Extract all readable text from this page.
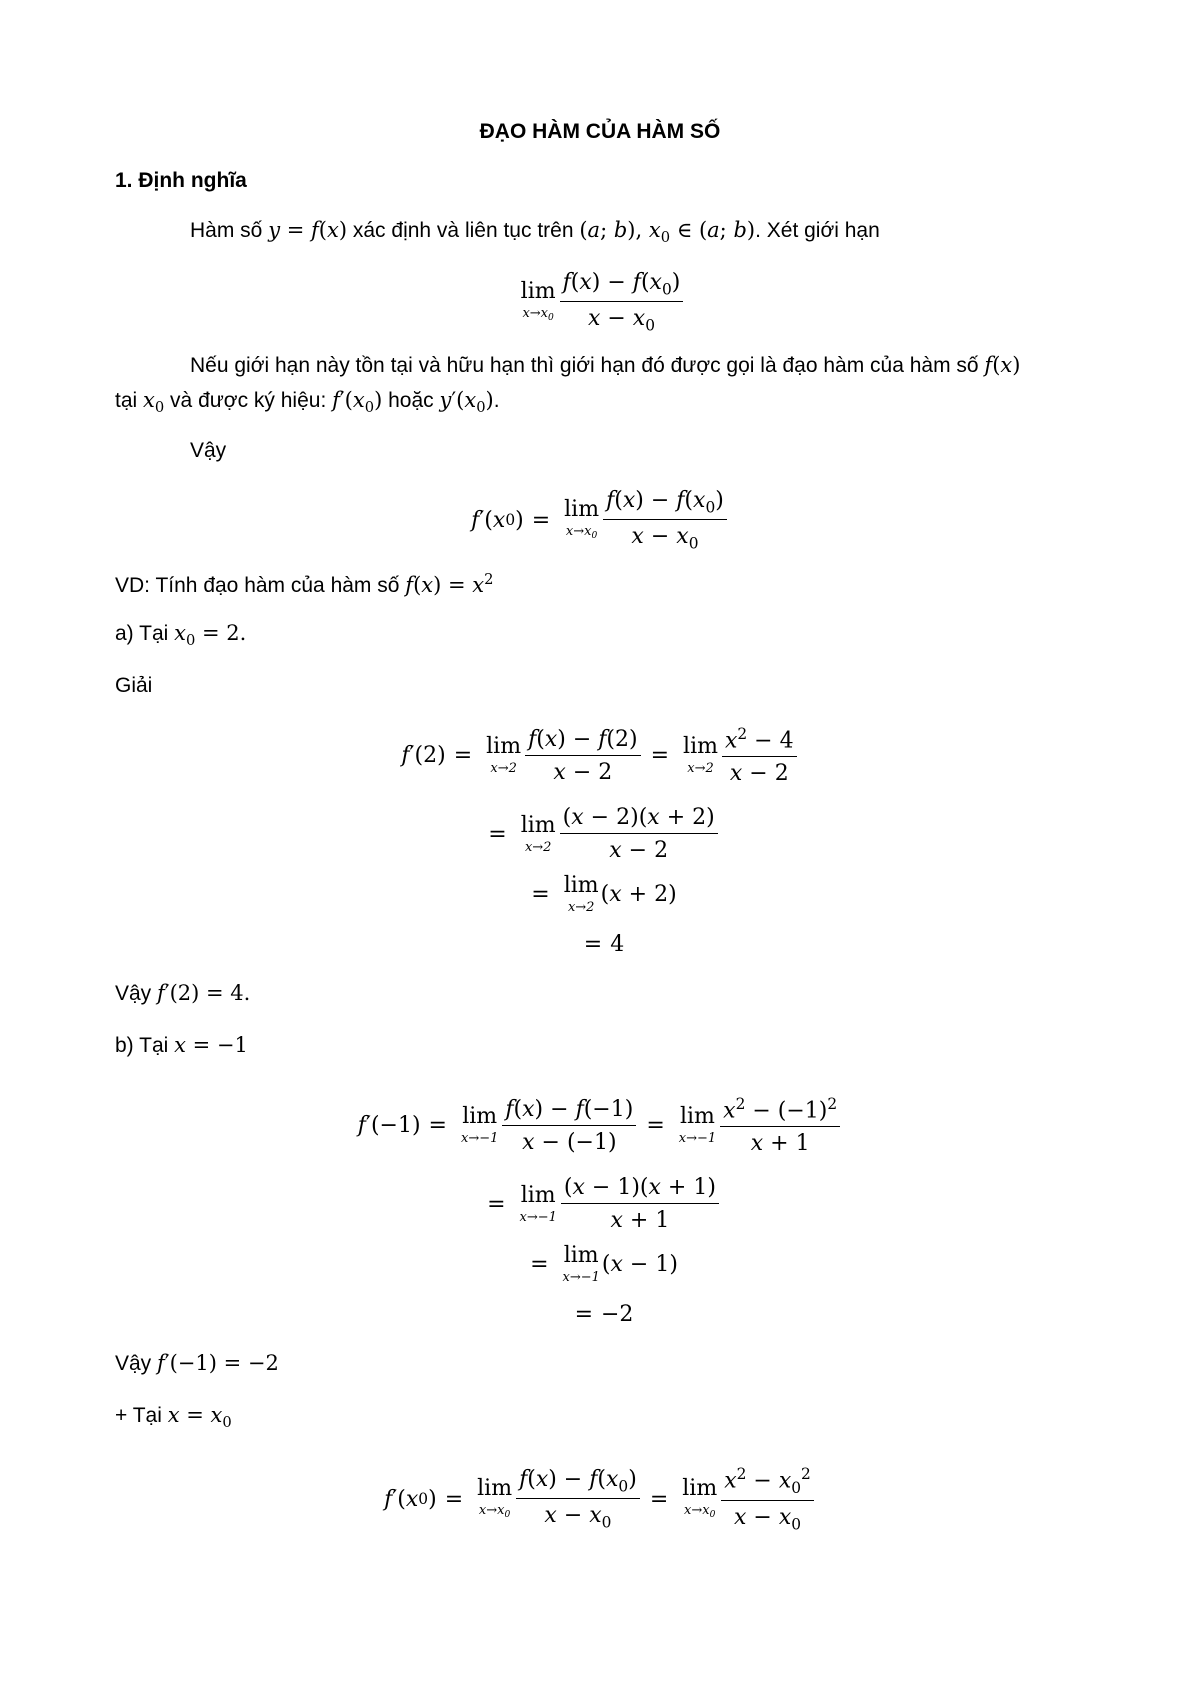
ĐẠO HÀM CỦA HÀM SỐ
1. Định nghĩa
Hàm số y = f(x) xác định và liên tục trên (a; b), $x_0$ ∈ (a; b). Xét giới hạn
lim
$x\to x_0 \frac{f(x) - f(x_0)}{x - x_0}$
Nếu giới hạn này tồn tại và hữu hạn thì giới hạn đó được gọi là đạo hàm của hàm số f(x)
tại $x_0$ và được ký hiệu: $f'(x_0)$ hoặc $y'(x_0)$.
Vậy
f ′( x 0 ) = lim
$x\to x_0 \frac{f(x) - f(x_0)}{x - x_0}$
VD: Tính đạo hàm của hàm số $f(x) = x^2$
a) Tại $x_0 = 2$.
Giải
f ′(2) = lim
$x\to 2 \frac{f(x) - f(2)}{x - 2} = \lim$
$x\to 2 \frac{x^2 - 4}{x - 2}$
= lim
$x\to 2 \frac{(x - 2)(x + 2)}{x - 2}$
= lim
x→2
(x + 2)
= 4
Vậy f′(2) = 4.
b) Tại x = −1
f ′(−1) = lim
$x\to-1 \frac{f(x) - f(-1)}{x - (-1)} = \lim$
$x\to-1 \frac{x^2 - (-1)^2}{x + 1}$
= lim
$x\to-1 \frac{(x - 1)(x + 1)}{x + 1}$
= lim
x→−1
(x − 1)
= −2
Vậy f′(−1) = −2
+ Tại $x = x_0$
f ′( x 0 ) = lim
$x\to x_0 \frac{f(x) - f(x_0)}{x - x_0} = \lim$
$x\to x_0 \frac{x^2 - x_0^2}{x - x_0}$
